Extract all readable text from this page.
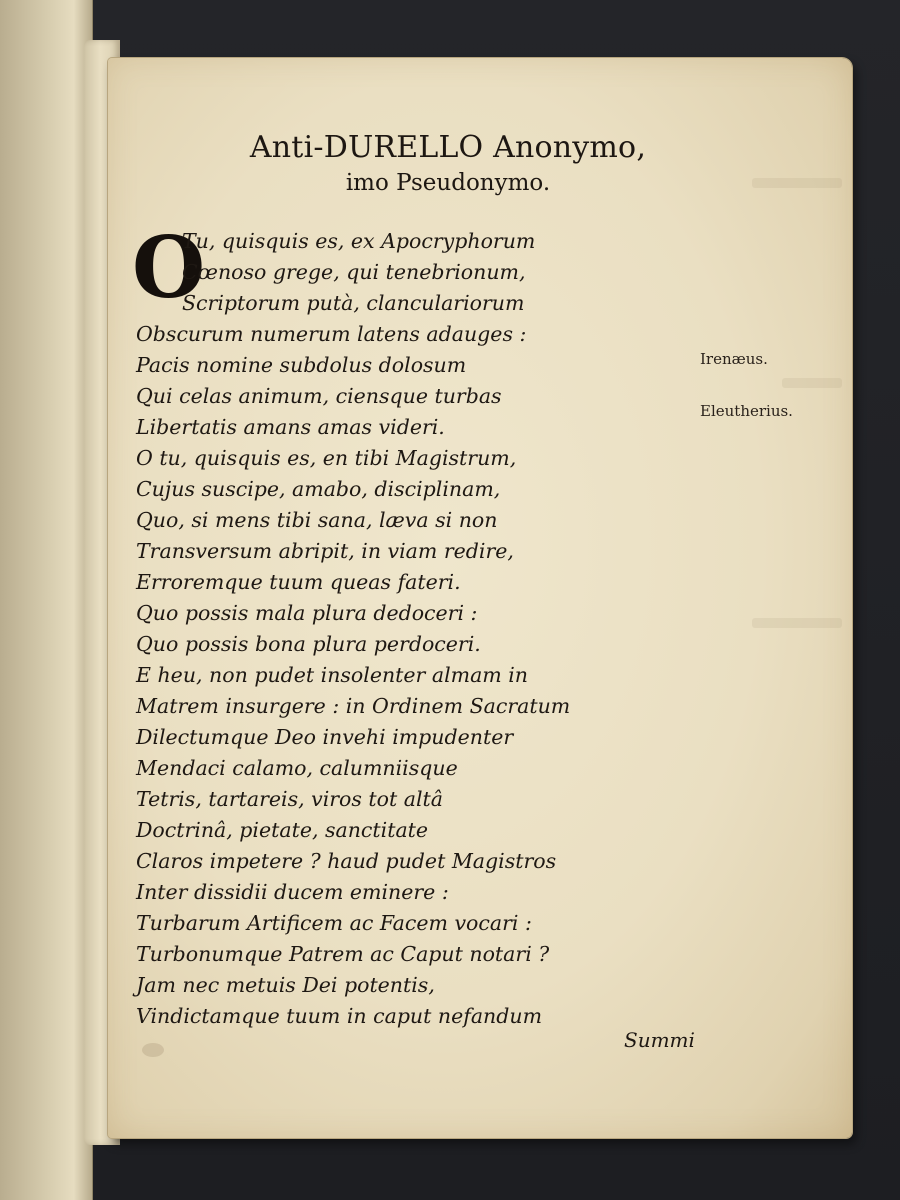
Anti-DURELLO Anonymo,
imo Pseudonymo.
O
Tu, quisquis es, ex Apocryphorum
Cœnoso grege, qui tenebrionum,
Scriptorum putà, clanculariorum
Obscurum numerum latens adauges :
Pacis nomine subdolus dolosum
Qui celas animum, ciensque turbas
Libertatis amans amas videri.
O tu, quisquis es, en tibi Magistrum,
Cujus suscipe, amabo, disciplinam,
Quo, si mens tibi sana, læva si non
Transversum abripit, in viam redire,
Erroremque tuum queas fateri.
Quo possis mala plura dedoceri :
Quo possis bona plura perdoceri.
E heu, non pudet insolenter almam in
Matrem insurgere : in Ordinem Sacratum
Dilectumque Deo invehi impudenter
Mendaci calamo, calumniisque
Tetris, tartareis, viros tot altâ
Doctrinâ, pietate, sanctitate
Claros impetere ? haud pudet Magistros
Inter dissidii ducem eminere :
Turbarum Artificem ac Facem vocari :
Turbonumque Patrem ac Caput notari ?
Jam nec metuis Dei potentis,
Vindictamque tuum in caput nefandum
Irenæus.
Eleutherius.
Summi
